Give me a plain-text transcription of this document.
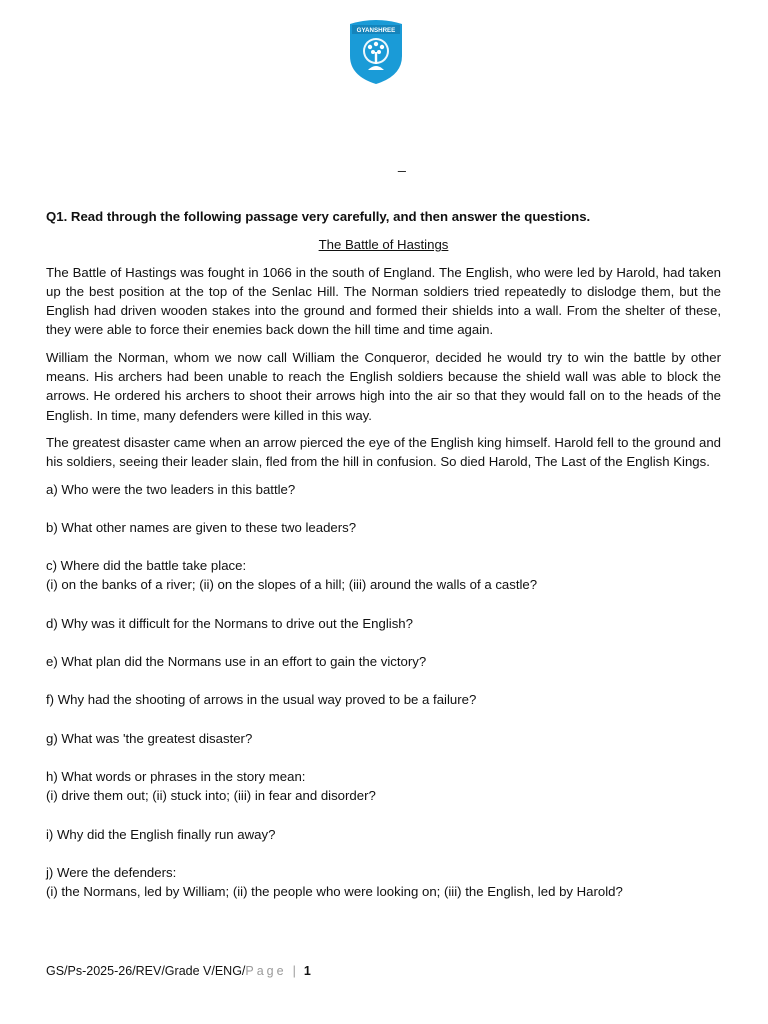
GYANSHREE
_
Q1. Read through the following passage very carefully, and then answer the questions.
The Battle of Hastings
The Battle of Hastings was fought in 1066 in the south of England. The English, who were led by Harold, had taken up the best position at the top of the Senlac Hill. The Norman soldiers tried repeatedly to dislodge them, but the English had driven wooden stakes into the ground and formed their shields into a wall. From the shelter of these, they were able to force their enemies back down the hill time and time again.
William the Norman, whom we now call William the Conqueror, decided he would try to win the battle by other means. His archers had been unable to reach the English soldiers because the shield wall was able to block the arrows. He ordered his archers to shoot their arrows high into the air so that they would fall on to the heads of the English. In time, many defenders were killed in this way.
The greatest disaster came when an arrow pierced the eye of the English king himself. Harold fell to the ground and his soldiers, seeing their leader slain, fled from the hill in confusion. So died Harold, The Last of the English Kings.
a) Who were the two leaders in this battle?
b) What other names are given to these two leaders?
c) Where did the battle take place:
(i) on the banks of a river; (ii) on the slopes of a hill; (iii) around the walls of a castle?
d) Why was it difficult for the Normans to drive out the English?
e) What plan did the Normans use in an effort to gain the victory?
f) Why had the shooting of arrows in the usual way proved to be a failure?
g) What was 'the greatest disaster?
h) What words or phrases in the story mean:
(i) drive them out; (ii) stuck into; (iii) in fear and disorder?
i) Why did the English finally run away?
j) Were the defenders:
(i) the Normans, led by William; (ii) the people who were looking on; (iii) the English, led by Harold?
GS/Ps-2025-26/REV/Grade V/ENG/Page | 1
